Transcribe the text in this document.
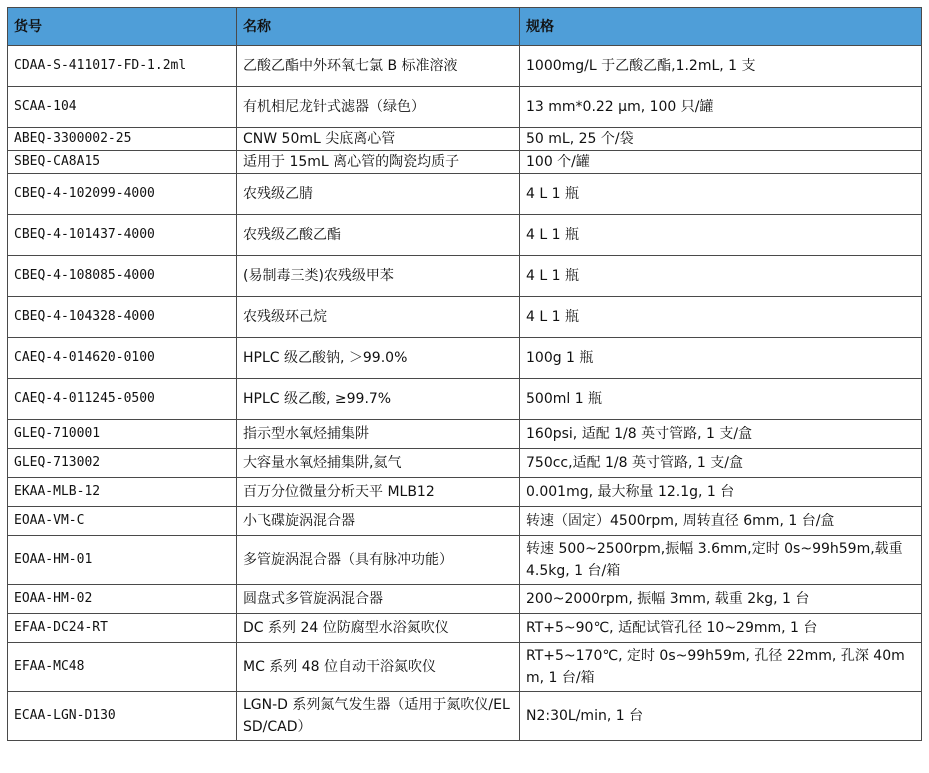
货号	名称	规格
CDAA-S-411017-FD-1.2ml	乙酸乙酯中外环氧七氯 B 标准溶液	1000mg/L 于乙酸乙酯,1.2mL, 1 支
SCAA-104	有机相尼龙针式滤器（绿色）	13 mm*0.22 μm, 100 只/罐
ABEQ-3300002-25	CNW 50mL 尖底离心管	50 mL, 25 个/袋
SBEQ-CA8A15	适用于 15mL 离心管的陶瓷均质子	100 个/罐
CBEQ-4-102099-4000	农残级乙腈	4 L 1 瓶
CBEQ-4-101437-4000	农残级乙酸乙酯	4 L 1 瓶
CBEQ-4-108085-4000	(易制毒三类)农残级甲苯	4 L 1 瓶
CBEQ-4-104328-4000	农残级环己烷	4 L 1 瓶
CAEQ-4-014620-0100	HPLC 级乙酸钠, ＞99.0%	100g 1 瓶
CAEQ-4-011245-0500	HPLC 级乙酸, ≥99.7%	500ml 1 瓶
GLEQ-710001	指示型水氧烃捕集阱	160psi, 适配 1/8 英寸管路, 1 支/盒
GLEQ-713002	大容量水氧烃捕集阱,氦气	750cc,适配 1/8 英寸管路, 1 支/盒
EKAA-MLB-12	百万分位微量分析天平 MLB12	0.001mg, 最大称量 12.1g, 1 台
EOAA-VM-C	小飞碟旋涡混合器	转速（固定）4500rpm, 周转直径 6mm, 1 台/盒
EOAA-HM-01	多管旋涡混合器（具有脉冲功能）	转速 500~2500rpm,振幅 3.6mm,定时 0s~99h59m,载重 4.5kg, 1 台/箱
EOAA-HM-02	圆盘式多管旋涡混合器	200~2000rpm, 振幅 3mm, 载重 2kg, 1 台
EFAA-DC24-RT	DC 系列 24 位防腐型水浴氮吹仪	RT+5~90℃, 适配试管孔径 10~29mm, 1 台
EFAA-MC48	MC 系列 48 位自动干浴氮吹仪	RT+5~170℃, 定时 0s~99h59m, 孔径 22mm, 孔深 40mm, 1 台/箱
ECAA-LGN-D130	LGN-D 系列氮气发生器（适用于氮吹仪/ELSD/CAD）	N2:30L/min, 1 台
